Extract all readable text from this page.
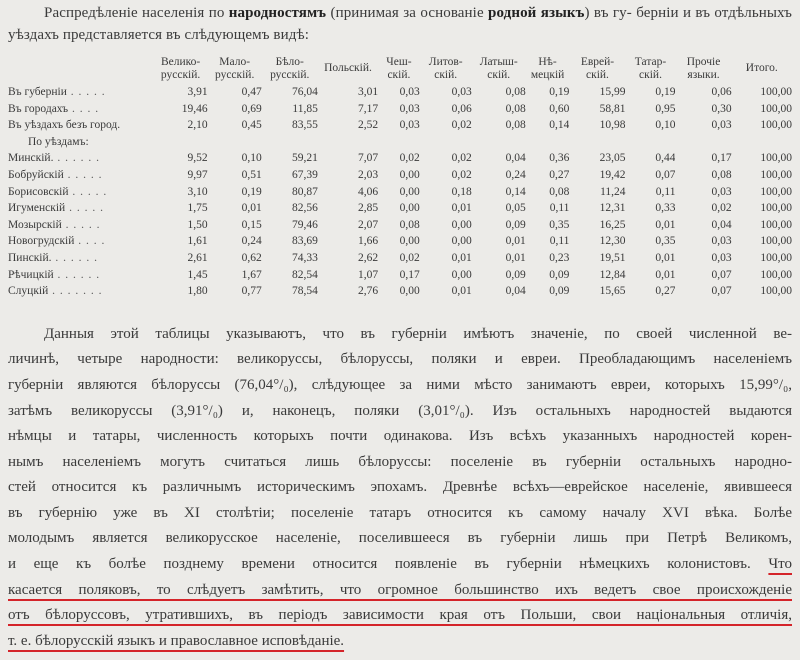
Распредѣленіе населенія по народностямъ (принимая за основаніе родной языкъ) въ гу- берніи и въ отдѣльныхъ уѣздахъ представляется въ слѣдующемъ видѣ:
	Велико-
русскій.	Мало-
русскій.	Бѣло-
русскій.	Польскій.	Чеш-
скій.	Литов-
скій.	Латыш-
скій.	Нѣ-
мецкій	Еврей-
скій.	Татар-
скій.	Прочіе
языки.	Итого.
Въ губерніи . . . . .	3,91	0,47	76,04	3,01	0,03	0,03	0,08	0,19	15,99	0,19	0,06	100,00
Въ городахъ . . . .	19,46	0,69	11,85	7,17	0,03	0,06	0,08	0,60	58,81	0,95	0,30	100,00
Въ уѣздахъ безъ город.	2,10	0,45	83,55	2,52	0,03	0,02	0,08	0,14	10,98	0,10	0,03	100,00
По уѣздамъ:												
Минскій. . . . . . .	9,52	0,10	59,21	7,07	0,02	0,02	0,04	0,36	23,05	0,44	0,17	100,00
Бобруйскій . . . . .	9,97	0,51	67,39	2,03	0,00	0,02	0,24	0,27	19,42	0,07	0,08	100,00
Борисовскій . . . . .	3,10	0,19	80,87	4,06	0,00	0,18	0,14	0,08	11,24	0,11	0,03	100,00
Игуменскій . . . . .	1,75	0,01	82,56	2,85	0,00	0,01	0,05	0,11	12,31	0,33	0,02	100,00
Мозырскій . . . . .	1,50	0,15	79,46	2,07	0,08	0,00	0,09	0,35	16,25	0,01	0,04	100,00
Новогрудскій . . . .	1,61	0,24	83,69	1,66	0,00	0,00	0,01	0,11	12,30	0,35	0,03	100,00
Пинскій. . . . . . .	2,61	0,62	74,33	2,62	0,02	0,01	0,01	0,23	19,51	0,01	0,03	100,00
Рѣчицкій . . . . . .	1,45	1,67	82,54	1,07	0,17	0,00	0,09	0,09	12,84	0,01	0,07	100,00
Слуцкій . . . . . . .	1,80	0,77	78,54	2,76	0,00	0,01	0,04	0,09	15,65	0,27	0,07	100,00
Данныя этой таблицы указываютъ, что въ губерніи имѣютъ значеніе, по своей численной ве-
личинѣ, четыре народности: великоруссы, бѣлоруссы, поляки и евреи. Преобладающимъ населеніемъ
губерніи являются бѣлоруссы (76,04°/₀), слѣдующее за ними мѣсто занимаютъ евреи, которыхъ 15,99°/₀,
затѣмъ великоруссы (3,91°/₀) и, наконецъ, поляки (3,01°/₀). Изъ остальныхъ народностей выдаются
нѣмцы и татары, численность которыхъ почти одинакова. Изъ всѣхъ указанныхъ народностей корен-
нымъ населеніемъ могутъ считаться лишь бѣлоруссы: поселеніе въ губерніи остальныхъ народно-
стей относится къ различнымъ историческимъ эпохамъ. Древнѣе всѣхъ—еврейское населеніе, явившееся
въ губернію уже въ XI столѣтіи; поселеніе татаръ относится къ самому началу XVI вѣка. Болѣе
молодымъ является великорусское населеніе, поселившееся въ губерніи лишь при Петрѣ Великомъ,
и еще къ болѣе позднему времени относится появленіе въ губерніи нѣмецкихъ колонистовъ. Что
касается поляковъ, то слѣдуетъ замѣтить, что огромное большинство ихъ ведетъ свое происхожденіе
отъ бѣлоруссовъ, утратившихъ, въ періодъ зависимости края отъ Польши, свои національныя отличія,
т. е. бѣлорусскій языкъ и православное исповѣданіе.
